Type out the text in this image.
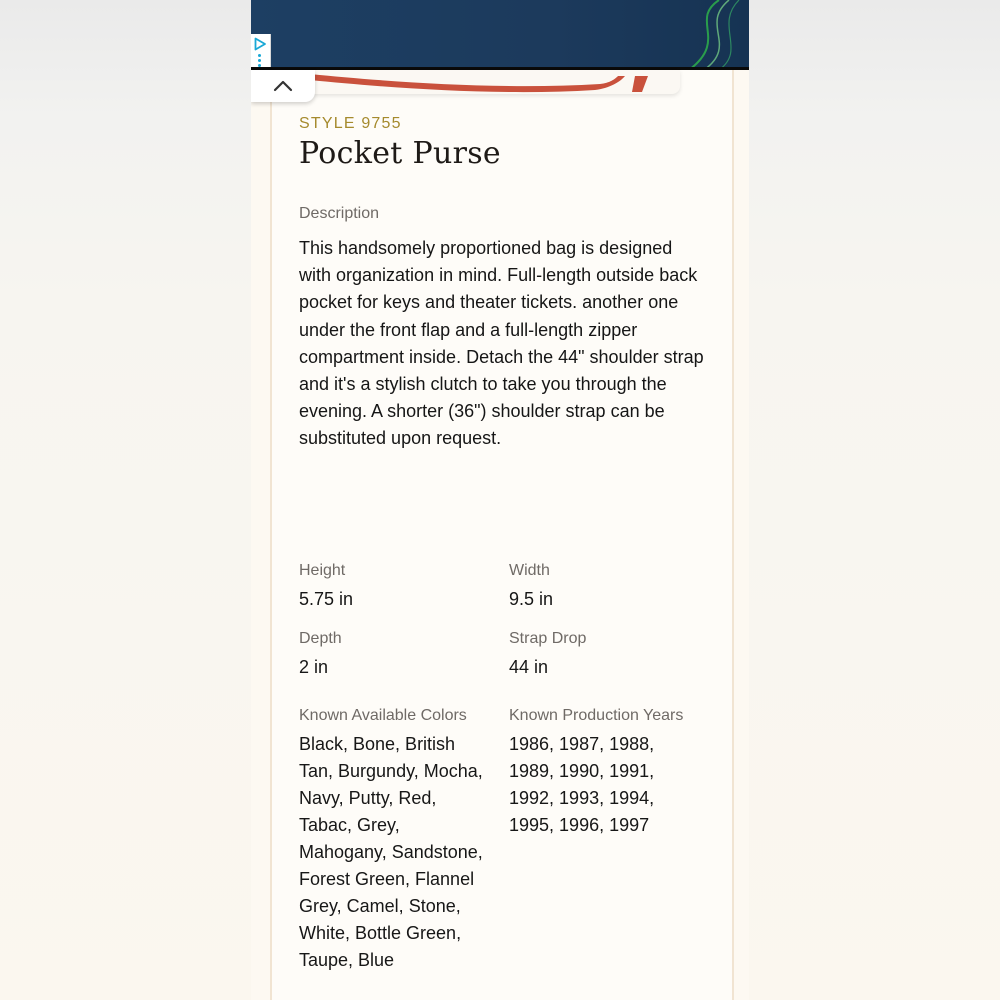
STYLE 9755
Pocket Purse
Description
This handsomely proportioned bag is designed with organization in mind. Full-length outside back pocket for keys and theater tickets. another one under the front flap and a full-length zipper compartment inside. Detach the 44" shoulder strap and it's a stylish clutch to take you through the evening. A shorter (36") shoulder strap can be substituted upon request.
Height
5.75 in
Width
9.5 in
Depth
2 in
Strap Drop
44 in
Known Available Colors
Black, Bone, British Tan, Burgundy, Mocha, Navy, Putty, Red, Tabac, Grey, Mahogany, Sandstone, Forest Green, Flannel Grey, Camel, Stone, White, Bottle Green, Taupe, Blue
Known Production Years
1986, 1987, 1988, 1989, 1990, 1991, 1992, 1993, 1994, 1995, 1996, 1997
